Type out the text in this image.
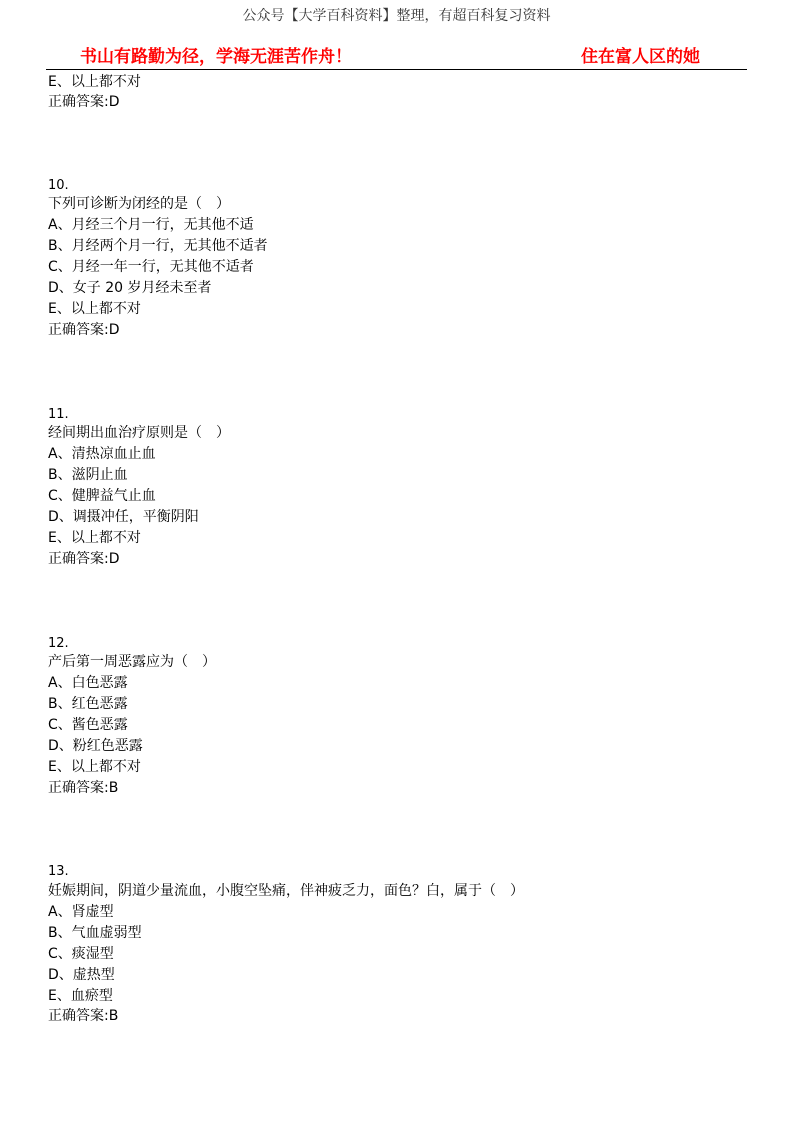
公众号【大学百科资料】整理，有超百科复习资料
书山有路勤为径，学海无涯苦作舟！	住在富人区的她
E、以上都不对
正确答案:D
10.
下列可诊断为闭经的是（　）
A、月经三个月一行，无其他不适
B、月经两个月一行，无其他不适者
C、月经一年一行，无其他不适者
D、女子 20 岁月经未至者
E、以上都不对
正确答案:D
11.
经间期出血治疗原则是（　）
A、清热凉血止血
B、滋阴止血
C、健脾益气止血
D、调摄冲任，平衡阴阳
E、以上都不对
正确答案:D
12.
产后第一周恶露应为（　）
A、白色恶露
B、红色恶露
C、酱色恶露
D、粉红色恶露
E、以上都不对
正确答案:B
13.
妊娠期间，阴道少量流血，小腹空坠痛，伴神疲乏力，面色？白，属于（　）
A、肾虚型
B、气血虚弱型
C、痰湿型
D、虚热型
E、血瘀型
正确答案:B
